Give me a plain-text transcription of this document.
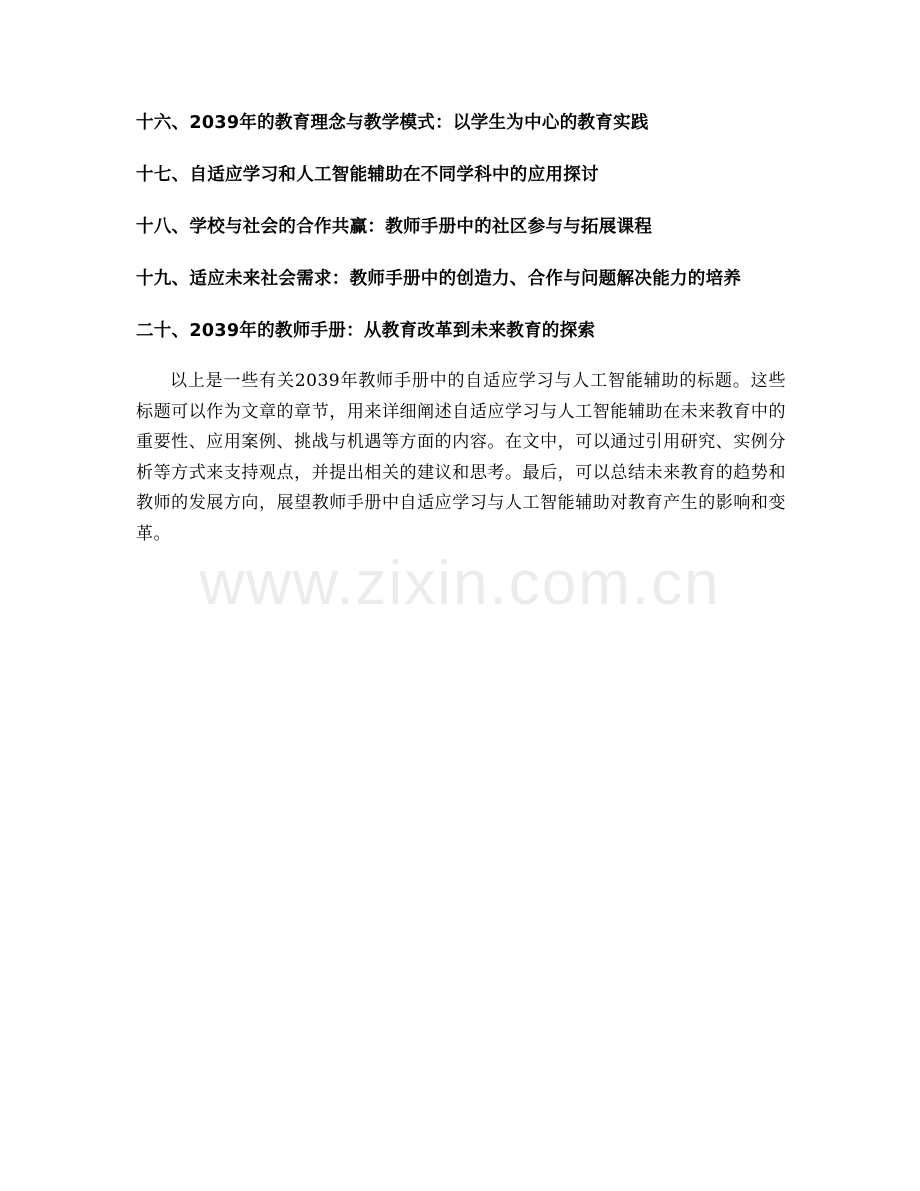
www.zixin.com.cn

十六、2039年的教育理念与教学模式：以学生为中心的教育实践

十七、自适应学习和人工智能辅助在不同学科中的应用探讨

十八、学校与社会的合作共赢：教师手册中的社区参与与拓展课程

十九、适应未来社会需求：教师手册中的创造力、合作与问题解决能力的培养

二十、2039年的教师手册：从教育改革到未来教育的探索

以上是一些有关2039年教师手册中的自适应学习与人工智能辅助的标题。这些标题可以作为文章的章节，用来详细阐述自适应学习与人工智能辅助在未来教育中的重要性、应用案例、挑战与机遇等方面的内容。在文中，可以通过引用研究、实例分析等方式来支持观点，并提出相关的建议和思考。最后，可以总结未来教育的趋势和教师的发展方向，展望教师手册中自适应学习与人工智能辅助对教育产生的影响和变革。
